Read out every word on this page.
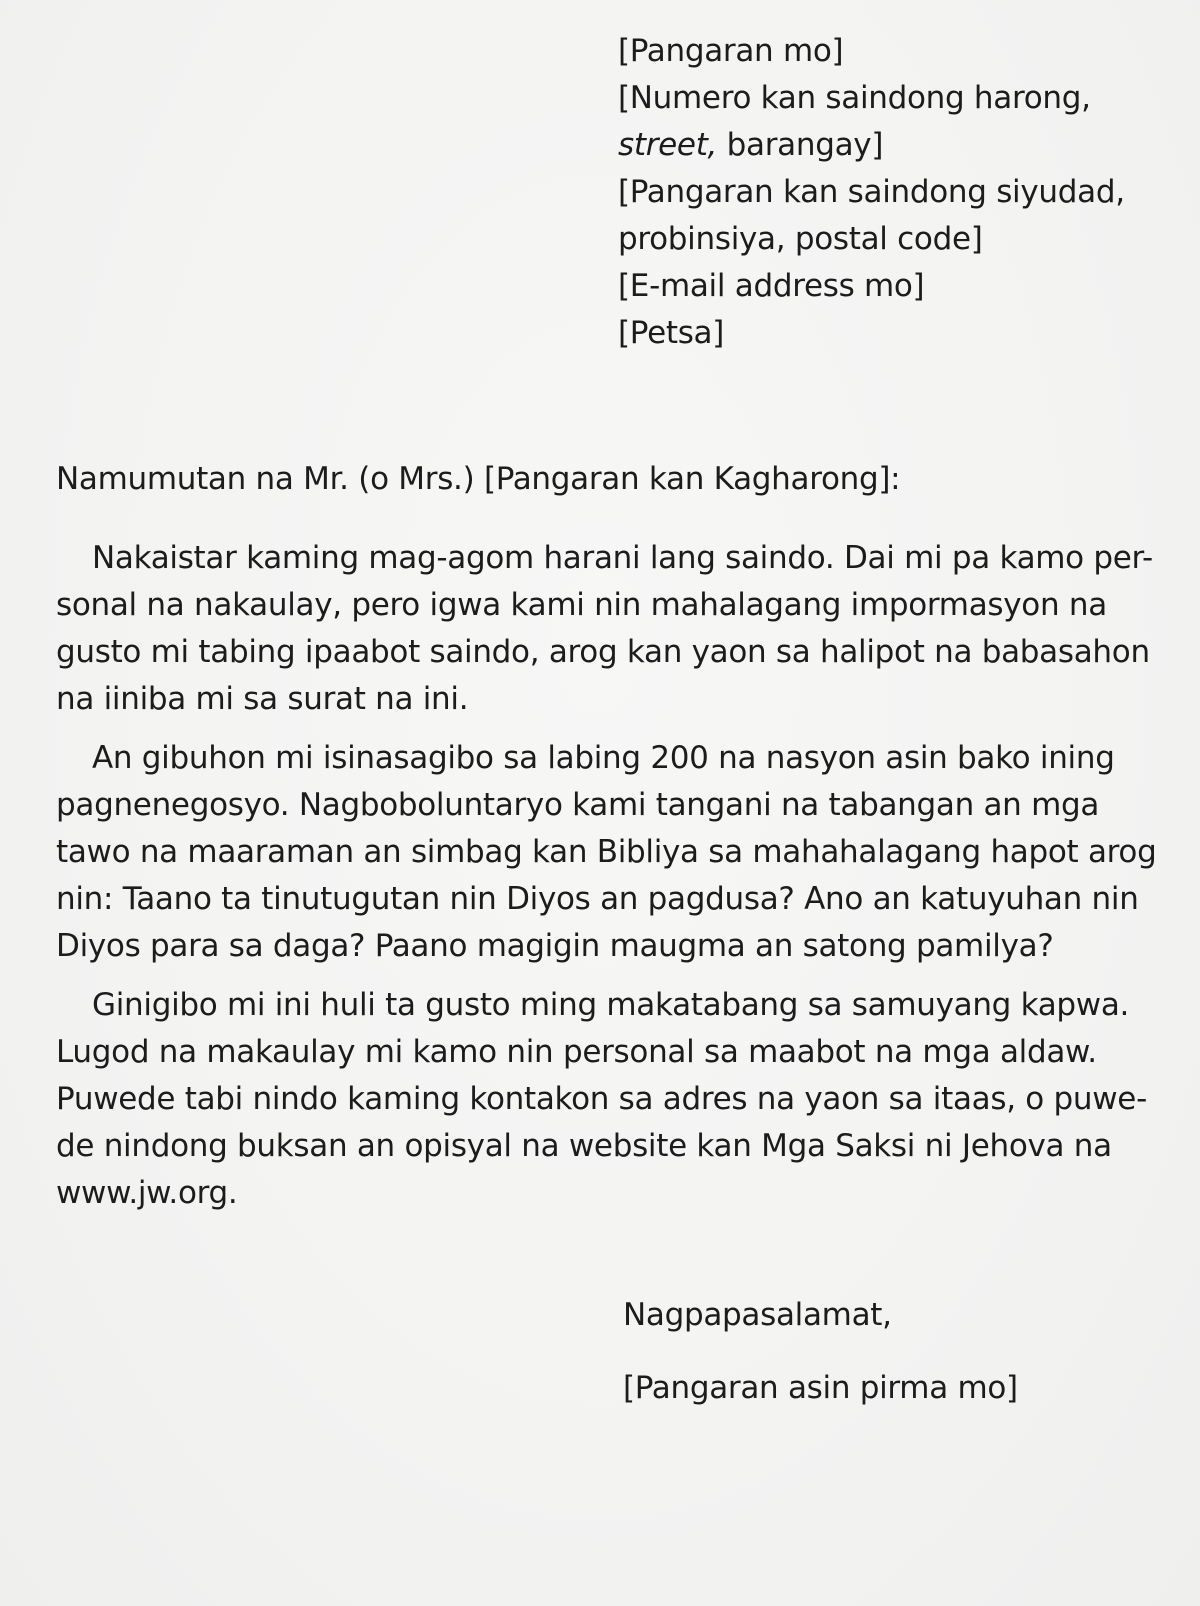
[Pangaran mo]
[Numero kan saindong harong,
street, barangay]
[Pangaran kan saindong siyudad,
probinsiya, postal code]
[E-mail address mo]
[Petsa]
Namumutan na Mr. (o Mrs.) [Pangaran kan Kagharong]:

Nakaistar kaming mag-agom harani lang saindo. Dai mi pa kamo per-
sonal na nakaulay, pero igwa kami nin mahalagang impormasyon na
gusto mi tabing ipaabot saindo, arog kan yaon sa halipot na babasahon
na iiniba mi sa surat na ini.

An gibuhon mi isinasagibo sa labing 200 na nasyon asin bako ining
pagnenegosyo. Nagboboluntaryo kami tangani na tabangan an mga
tawo na maaraman an simbag kan Bibliya sa mahahalagang hapot arog
nin: Taano ta tinutugutan nin Diyos an pagdusa? Ano an katuyuhan nin
Diyos para sa daga? Paano magigin maugma an satong pamilya?

Ginigibo mi ini huli ta gusto ming makatabang sa samuyang kapwa.
Lugod na makaulay mi kamo nin personal sa maabot na mga aldaw.
Puwede tabi nindo kaming kontakon sa adres na yaon sa itaas, o puwe-
de nindong buksan an opisyal na website kan Mga Saksi ni Jehova na
www.jw.org.

Nagpapasalamat,
[Pangaran asin pirma mo]
